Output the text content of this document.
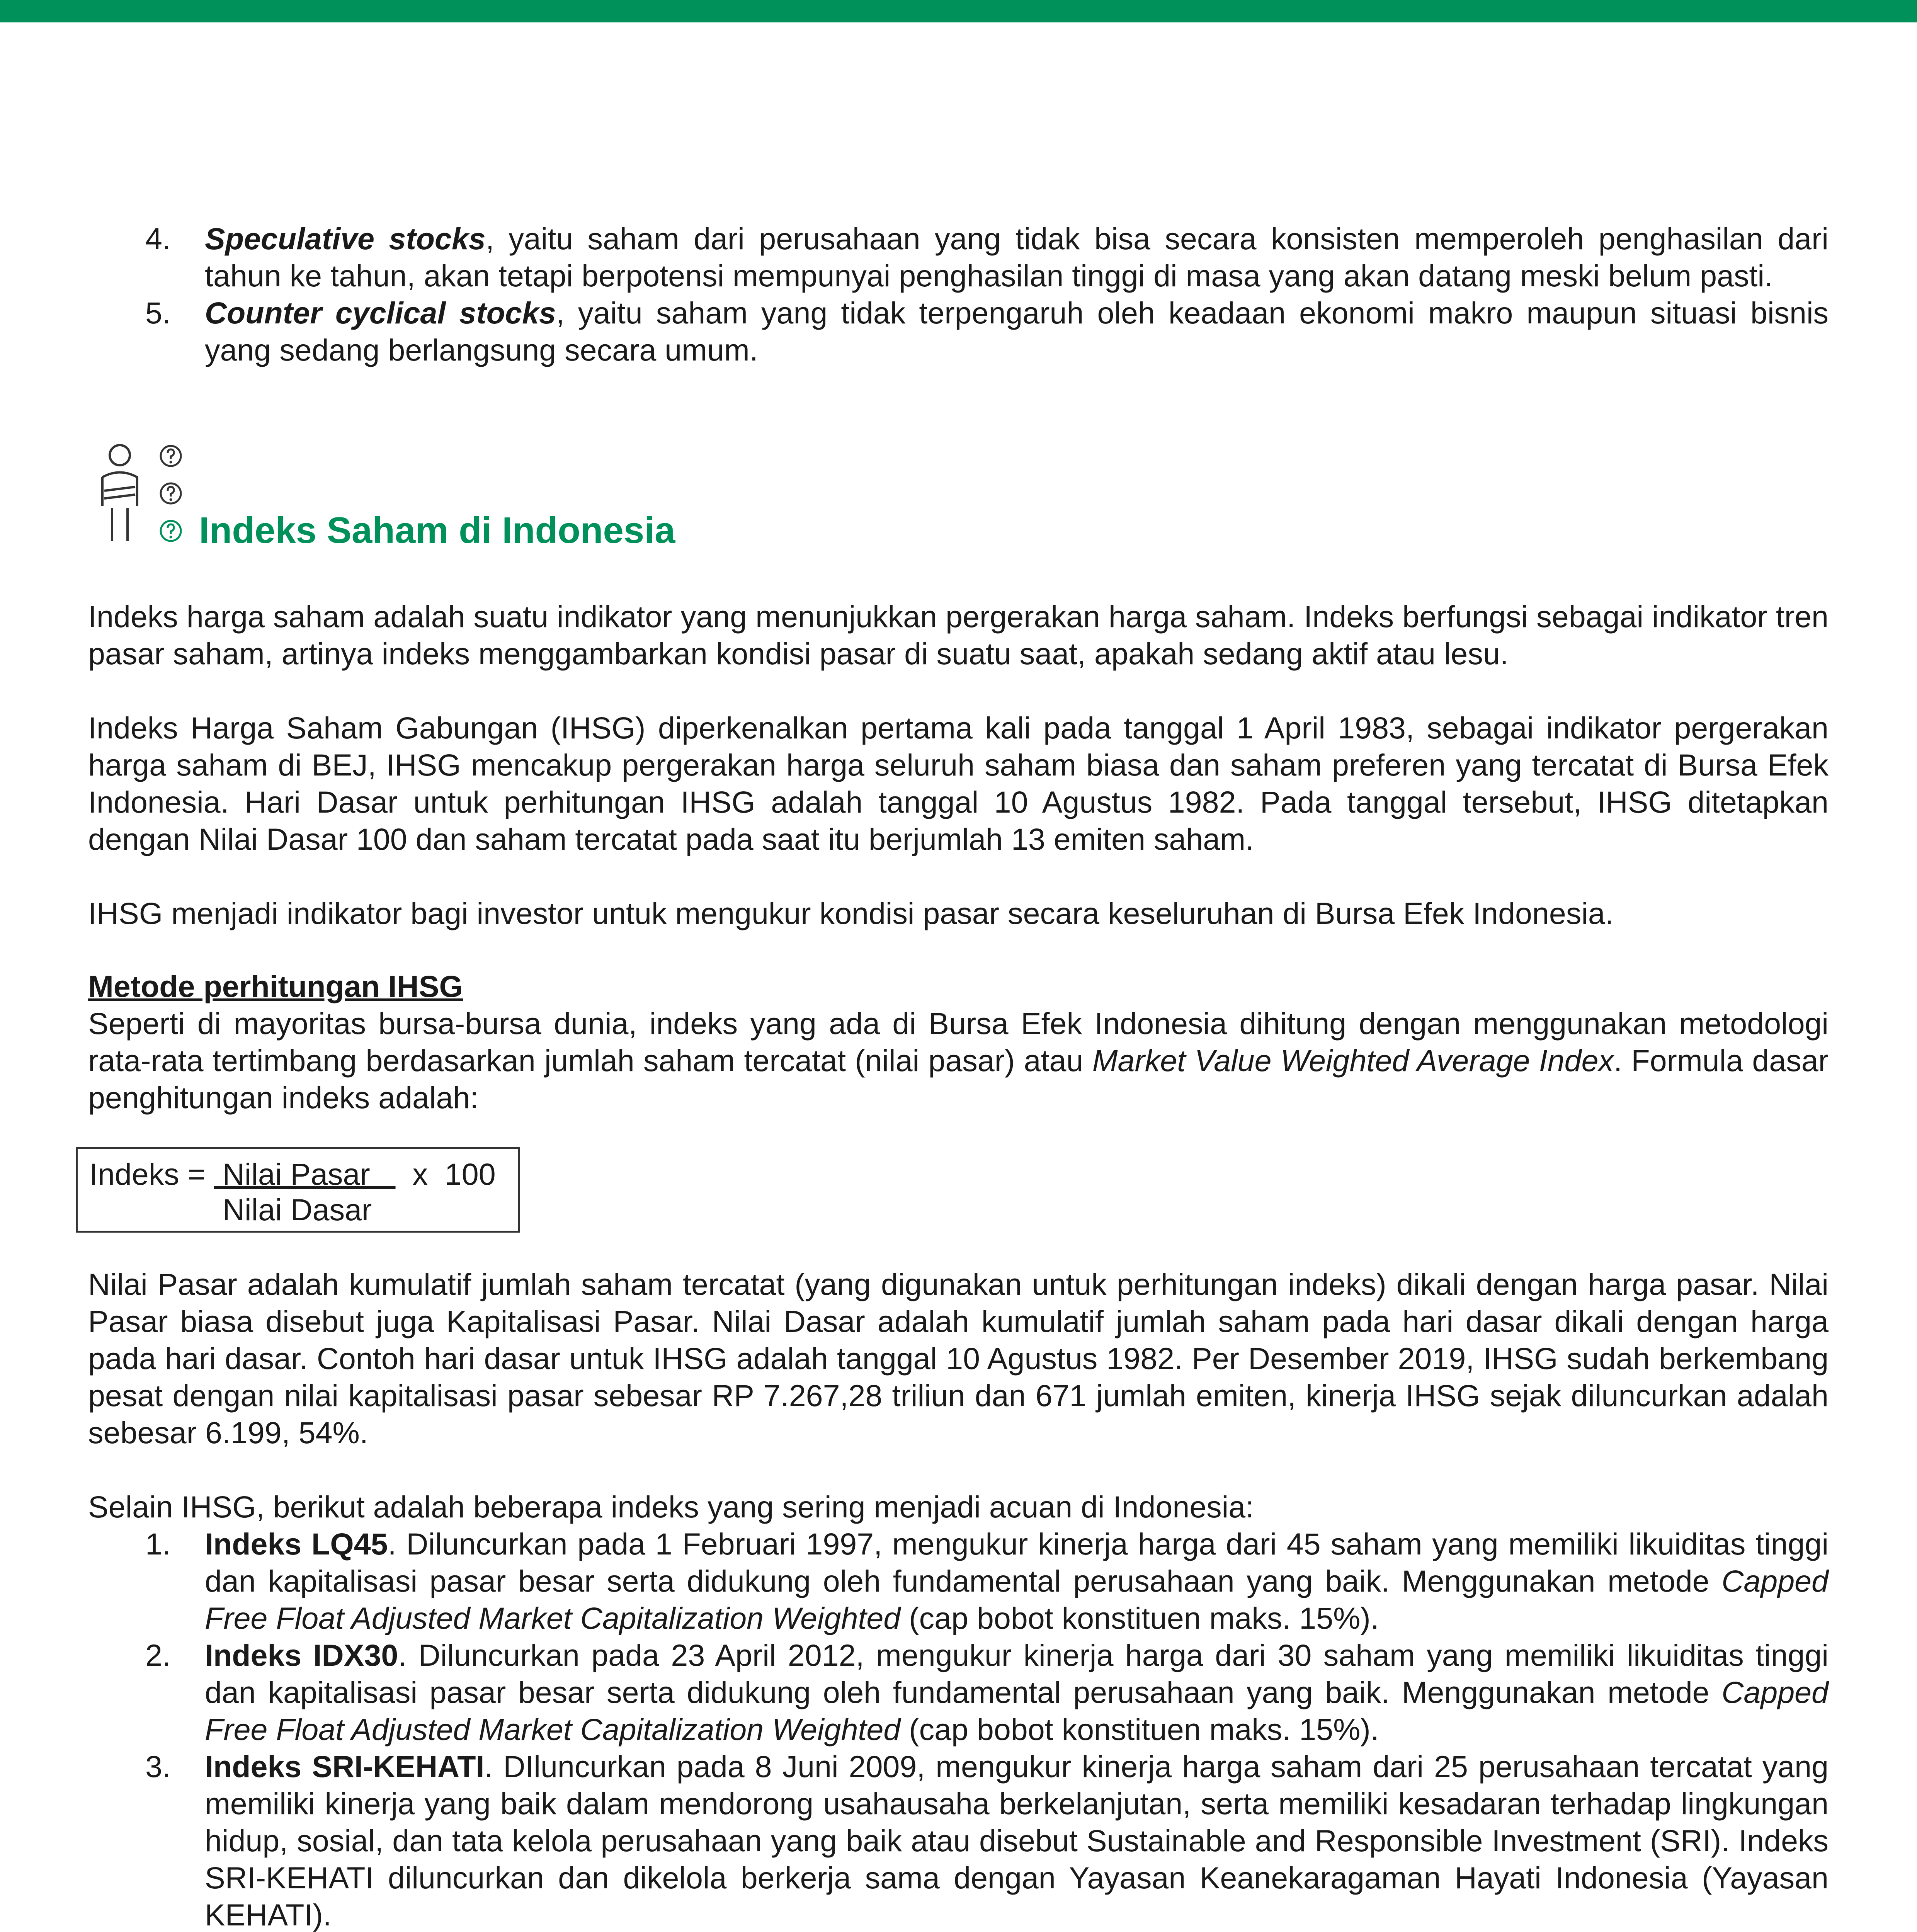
4. Speculative stocks, yaitu saham dari perusahaan yang tidak bisa secara konsisten memperoleh penghasilan dari tahun ke tahun, akan tetapi berpotensi mempunyai penghasilan tinggi di masa yang akan datang meski belum pasti.
5. Counter cyclical stocks, yaitu saham yang tidak terpengaruh oleh keadaan ekonomi makro maupun situasi bisnis yang sedang berlangsung secara umum.
Indeks Saham di Indonesia
Indeks harga saham adalah suatu indikator yang menunjukkan pergerakan harga saham. Indeks berfungsi sebagai indikator tren pasar saham, artinya indeks menggambarkan kondisi pasar di suatu saat, apakah sedang aktif atau lesu.
Indeks Harga Saham Gabungan (IHSG) diperkenalkan pertama kali pada tanggal 1 April 1983, sebagai indikator pergerakan harga saham di BEJ, IHSG mencakup pergerakan harga seluruh saham biasa dan saham preferen yang tercatat di Bursa Efek Indonesia. Hari Dasar untuk perhitungan IHSG adalah tanggal 10 Agustus 1982. Pada tanggal tersebut, IHSG ditetapkan dengan Nilai Dasar 100 dan saham tercatat pada saat itu berjumlah 13 emiten saham.
IHSG menjadi indikator bagi investor untuk mengukur kondisi pasar secara keseluruhan di Bursa Efek Indonesia.
Metode perhitungan IHSG
Seperti di mayoritas bursa-bursa dunia, indeks yang ada di Bursa Efek Indonesia dihitung dengan menggunakan metodologi rata-rata tertimbang berdasarkan jumlah saham tercatat (nilai pasar) atau Market Value Weighted Average Index. Formula dasar penghitungan indeks adalah:
Indeks =  Nilai Pasar     x  100
Nilai Dasar
Nilai Pasar adalah kumulatif jumlah saham tercatat (yang digunakan untuk perhitungan indeks) dikali dengan harga pasar. Nilai Pasar biasa disebut juga Kapitalisasi Pasar. Nilai Dasar adalah kumulatif jumlah saham pada hari dasar dikali dengan harga pada hari dasar. Contoh hari dasar untuk IHSG adalah tanggal 10 Agustus 1982. Per Desember 2019, IHSG sudah berkembang pesat dengan nilai kapitalisasi pasar sebesar RP 7.267,28 triliun dan 671 jumlah emiten, kinerja IHSG sejak diluncurkan adalah sebesar 6.199, 54%.
Selain IHSG, berikut adalah beberapa indeks yang sering menjadi acuan di Indonesia:
1. Indeks LQ45. Diluncurkan pada 1 Februari 1997, mengukur kinerja harga dari 45 saham yang memiliki likuiditas tinggi dan kapitalisasi pasar besar serta didukung oleh fundamental perusahaan yang baik. Menggunakan metode Capped Free Float Adjusted Market Capitalization Weighted (cap bobot konstituen maks. 15%).
2. Indeks IDX30. Diluncurkan pada 23 April 2012, mengukur kinerja harga dari 30 saham yang memiliki likuiditas tinggi dan kapitalisasi pasar besar serta didukung oleh fundamental perusahaan yang baik. Menggunakan metode Capped Free Float Adjusted Market Capitalization Weighted (cap bobot konstituen maks. 15%).
3. Indeks SRI-KEHATI. DIluncurkan pada 8 Juni 2009, mengukur kinerja harga saham dari 25 perusahaan tercatat yang memiliki kinerja yang baik dalam mendorong usahausaha berkelanjutan, serta memiliki kesadaran terhadap lingkungan hidup, sosial, dan tata kelola perusahaan yang baik atau disebut Sustainable and Responsible Investment (SRI). Indeks SRI-KEHATI diluncurkan dan dikelola berkerja sama dengan Yayasan Keanekaragaman Hayati Indonesia (Yayasan KEHATI).
